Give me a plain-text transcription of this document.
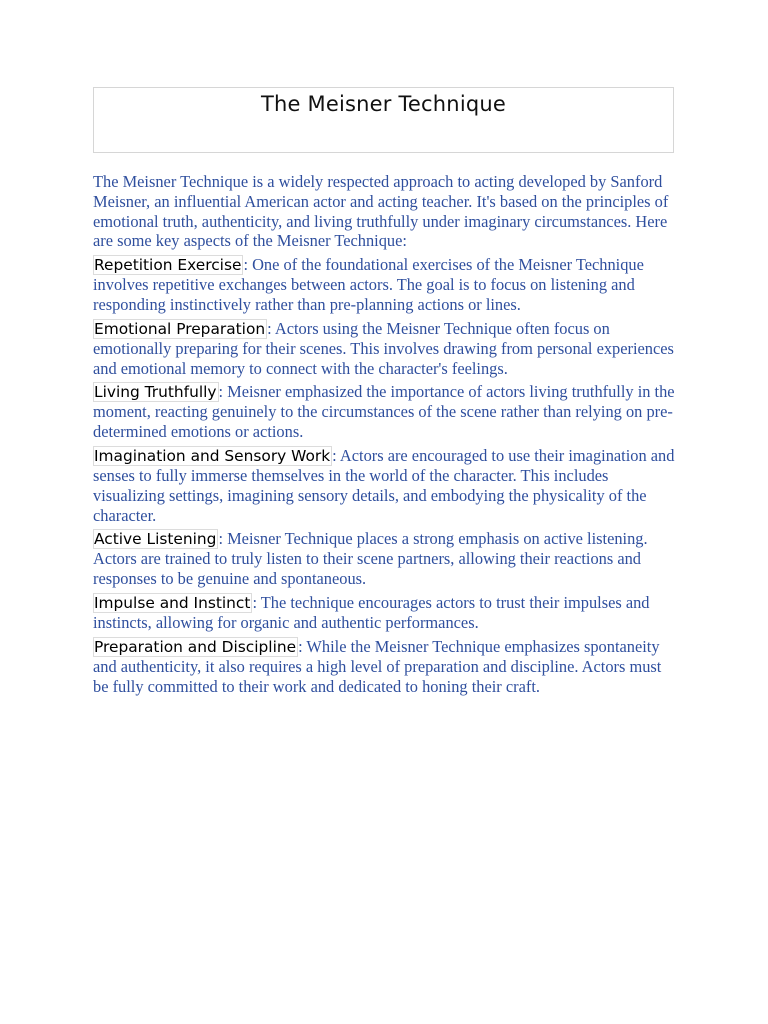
The Meisner Technique

The Meisner Technique is a widely respected approach to acting developed by Sanford Meisner, an influential American actor and acting teacher. It's based on the principles of emotional truth, authenticity, and living truthfully under imaginary circumstances. Here are some key aspects of the Meisner Technique:

Repetition Exercise : One of the foundational exercises of the Meisner Technique involves repetitive exchanges between actors. The goal is to focus on listening and responding instinctively rather than pre-planning actions or lines.

Emotional Preparation : Actors using the Meisner Technique often focus on emotionally preparing for their scenes. This involves drawing from personal experiences and emotional memory to connect with the character's feelings.

Living Truthfully : Meisner emphasized the importance of actors living truthfully in the moment, reacting genuinely to the circumstances of the scene rather than relying on pre-determined emotions or actions.

Imagination and Sensory Work : Actors are encouraged to use their imagination and senses to fully immerse themselves in the world of the character. This includes visualizing settings, imagining sensory details, and embodying the physicality of the character.

Active Listening : Meisner Technique places a strong emphasis on active listening. Actors are trained to truly listen to their scene partners, allowing their reactions and responses to be genuine and spontaneous.

Impulse and Instinct : The technique encourages actors to trust their impulses and instincts, allowing for organic and authentic performances.

Preparation and Discipline : While the Meisner Technique emphasizes spontaneity and authenticity, it also requires a high level of preparation and discipline. Actors must be fully committed to their work and dedicated to honing their craft.
